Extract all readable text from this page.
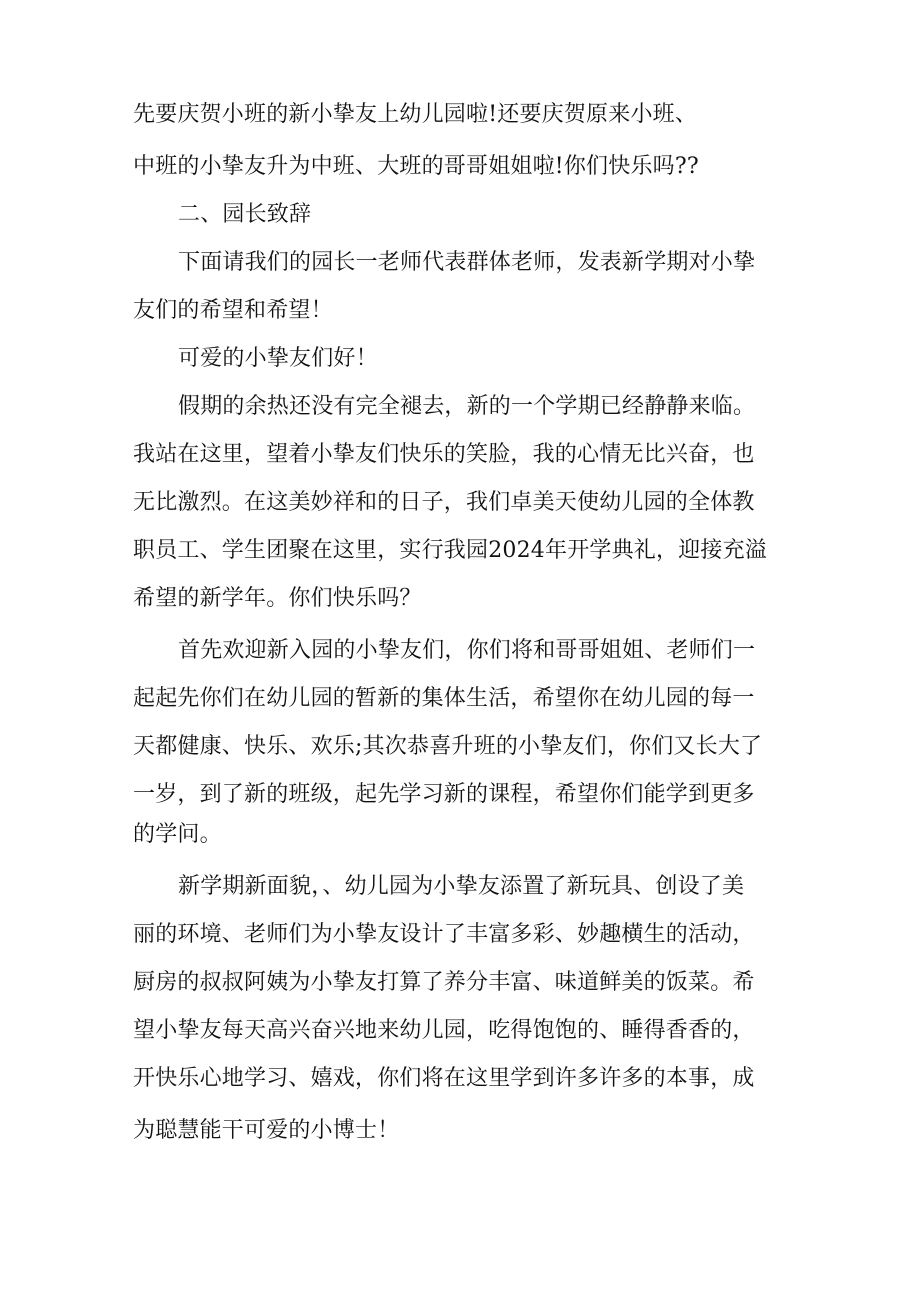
先要庆贺小班的新小挚友上幼儿园啦!还要庆贺原来小班、

中班的小挚友升为中班、大班的哥哥姐姐啦!你们快乐吗??

二、园长致辞

下面请我们的园长一老师代表群体老师，发表新学期对小挚

友们的希望和希望！

可爱的小挚友们好！

假期的余热还没有完全褪去，新的一个学期已经静静来临。

我站在这里，望着小挚友们快乐的笑脸，我的心情无比兴奋，也

无比激烈。在这美妙祥和的日子，我们卓美天使幼儿园的全体教

职员工、学生团聚在这里，实行我园2024年开学典礼，迎接充溢

希望的新学年。你们快乐吗？

首先欢迎新入园的小挚友们，你们将和哥哥姐姐、老师们一

起起先你们在幼儿园的暂新的集体生活，希望你在幼儿园的每一

天都健康、快乐、欢乐;其次恭喜升班的小挚友们，你们又长大了

一岁，到了新的班级，起先学习新的课程，希望你们能学到更多

的学问。

新学期新面貌，、幼儿园为小挚友添置了新玩具、创设了美

丽的环境、老师们为小挚友设计了丰富多彩、妙趣横生的活动，

厨房的叔叔阿姨为小挚友打算了养分丰富、味道鲜美的饭菜。希

望小挚友每天高兴奋兴地来幼儿园，吃得饱饱的、睡得香香的，

开快乐心地学习、嬉戏，你们将在这里学到许多许多的本事，成

为聪慧能干可爱的小博士！
